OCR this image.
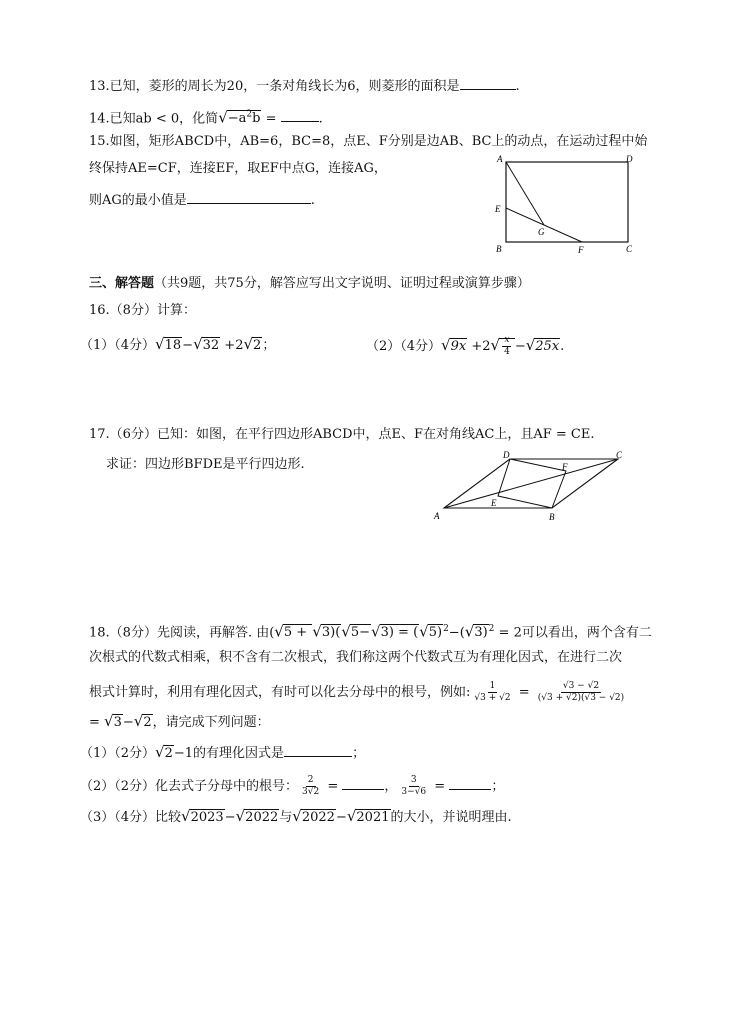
13.已知，菱形的周长为20，一条对角线长为6，则菱形的面积是	.
14.已知ab < 0，化简$√-a^2b$ =	.
15.如图，矩形ABCD中，AB=6，BC=8，点E、F分别是边AB、BC上的动点，在运动过程中始
终保持AE=CF，连接EF，取EF中点G，连接AG，
则AG的最小值是	.
A	D
E
G
B	F	C
三、解答题（共9题，共75分，解答应写出文字说明、证明过程或演算步骤）
16.（8分）计算：
（1）（4分）√18−√32 +2√2；	（2）（4分）$√9x +2√ \frac{x}{4} -√25x$.
17.（6分）已知：如图，在平行四边形ABCD中，点E、F在对角线AC上，且AF = CE.
求证：四边形BFDE是平行四边形.
A	B
C
D
E
F
18.（8分）先阅读，再解答. 由$(√5 + √3)(√5-√3) = (√5)^2-(√3)^2 = 2$可以看出，两个含有二
次根式的代数式相乘，积不含有二次根式，我们称这两个代数式互为有理化因式，在进行二次
根式计算时，利用有理化因式，有时可以化去分母中的根号，例如: $\frac{1}{√3 + √2} = \frac{√3 - √2}{(√3 + √2)(√3 - √2)}$
= √3−√2，请完成下列问题：
（1）（2分）√2−1的有理化因式是	；
（2）（2分）化去式子分母中的根号： $\frac{2}{3√2}$ =	， $\frac{3}{3-√6}$ =	；
（3）（4分）比较√2023−√2022与√2022−√2021的大小，并说明理由.
